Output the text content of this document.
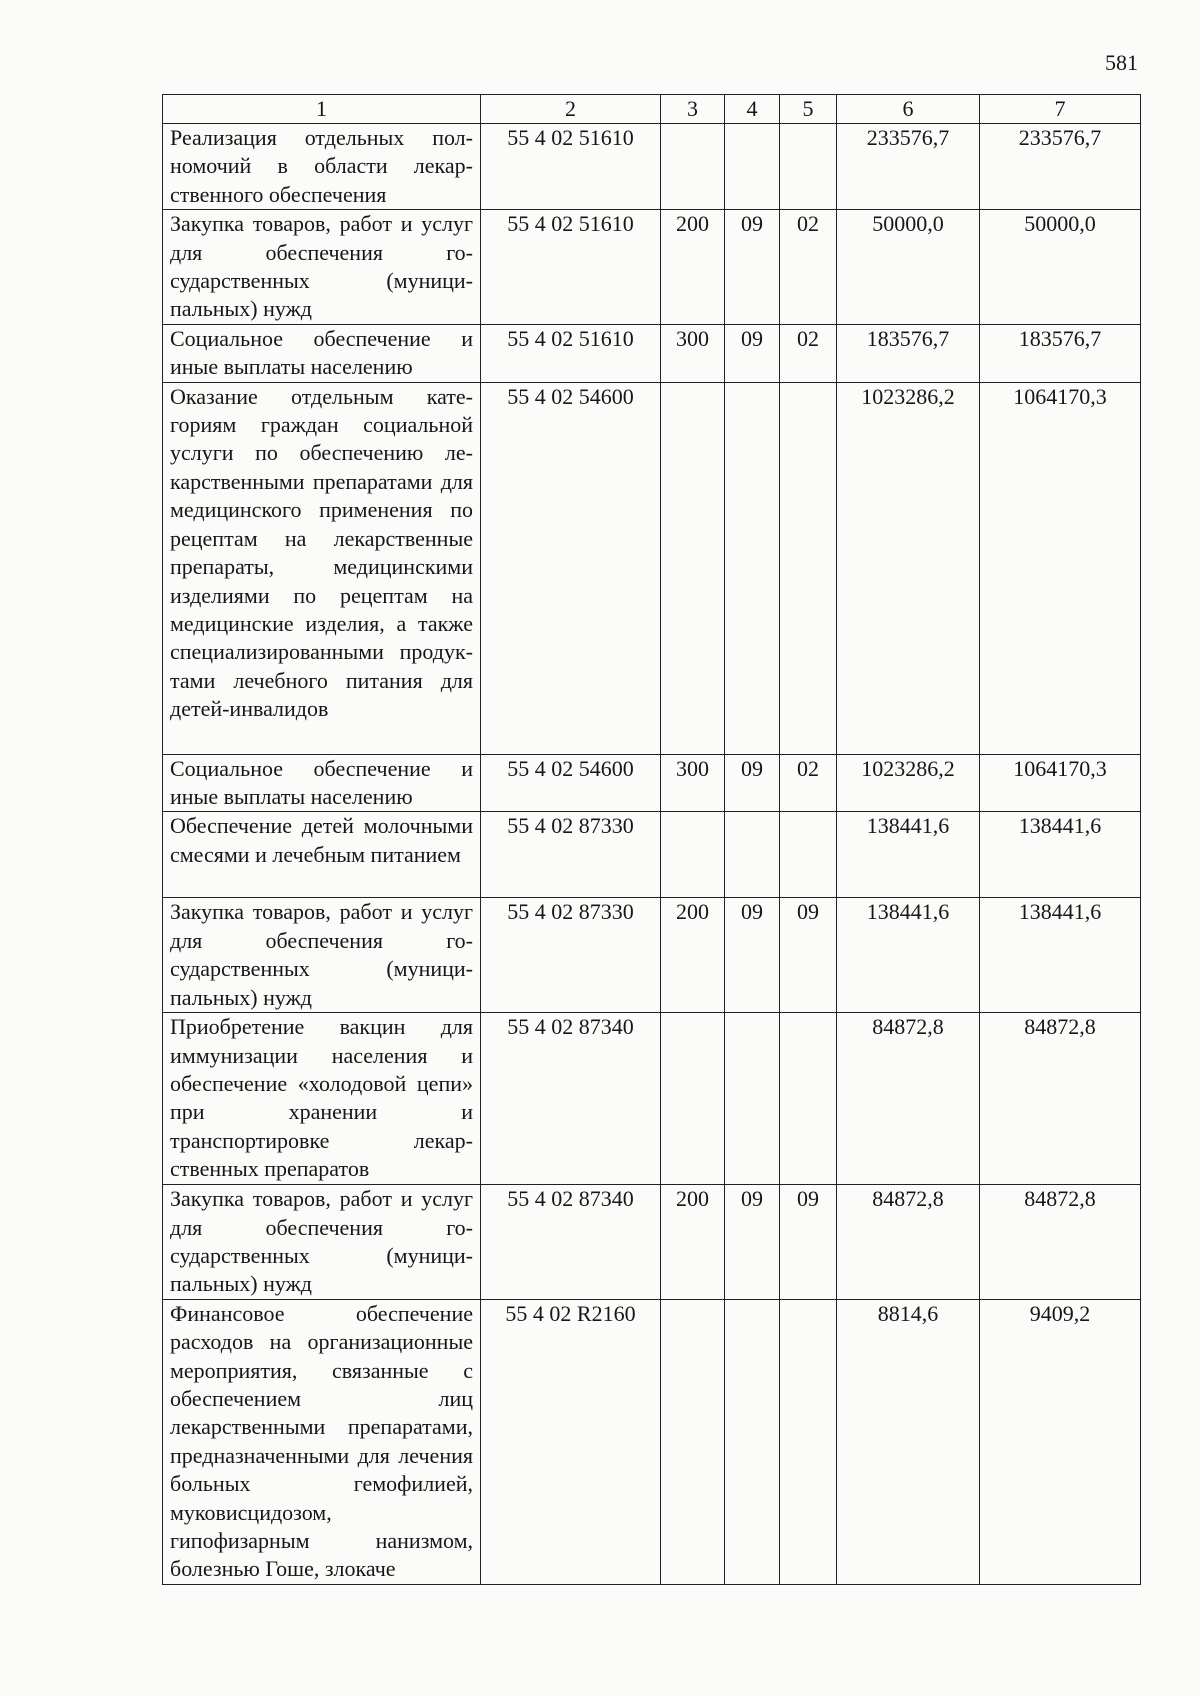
581
1	2	3	4	5	6	7
Реализация отдельных полномочий в области лекарственного обеспечения	55 4 02 51610				233576,7	233576,7
Закупка товаров, работ и услуг для обеспечения государственных (муниципальных) нужд	55 4 02 51610	200	09	02	50000,0	50000,0
Социальное обеспечение и иные выплаты населению	55 4 02 51610	300	09	02	183576,7	183576,7
Оказание отдельным категориям граждан социальной услуги по обеспечению лекарственными препаратами для медицинского применения по рецептам на лекарственные препараты, медицинскими изделиями по рецептам на медицинские изделия, а также специализированными продуктами лечебного питания для детей-инвалидов	55 4 02 54600				1023286,2	1064170,3
Социальное обеспечение и иные выплаты населению	55 4 02 54600	300	09	02	1023286,2	1064170,3
Обеспечение детей молочными смесями и лечебным питанием	55 4 02 87330				138441,6	138441,6
Закупка товаров, работ и услуг для обеспечения государственных (муниципальных) нужд	55 4 02 87330	200	09	09	138441,6	138441,6
Приобретение вакцин для иммунизации населения и обеспечение «холодовой цепи» при хранении и транспортировке лекарственных препаратов	55 4 02 87340				84872,8	84872,8
Закупка товаров, работ и услуг для обеспечения государственных (муниципальных) нужд	55 4 02 87340	200	09	09	84872,8	84872,8
Финансовое обеспечение расходов на организационные мероприятия, связанные с обеспечением лиц лекарственными препаратами, предназначенными для лечения больных гемофилией, муковисцидозом, гипофизарным нанизмом, болезнью Гоше, злокаче	55 4 02 R2160				8814,6	9409,2
